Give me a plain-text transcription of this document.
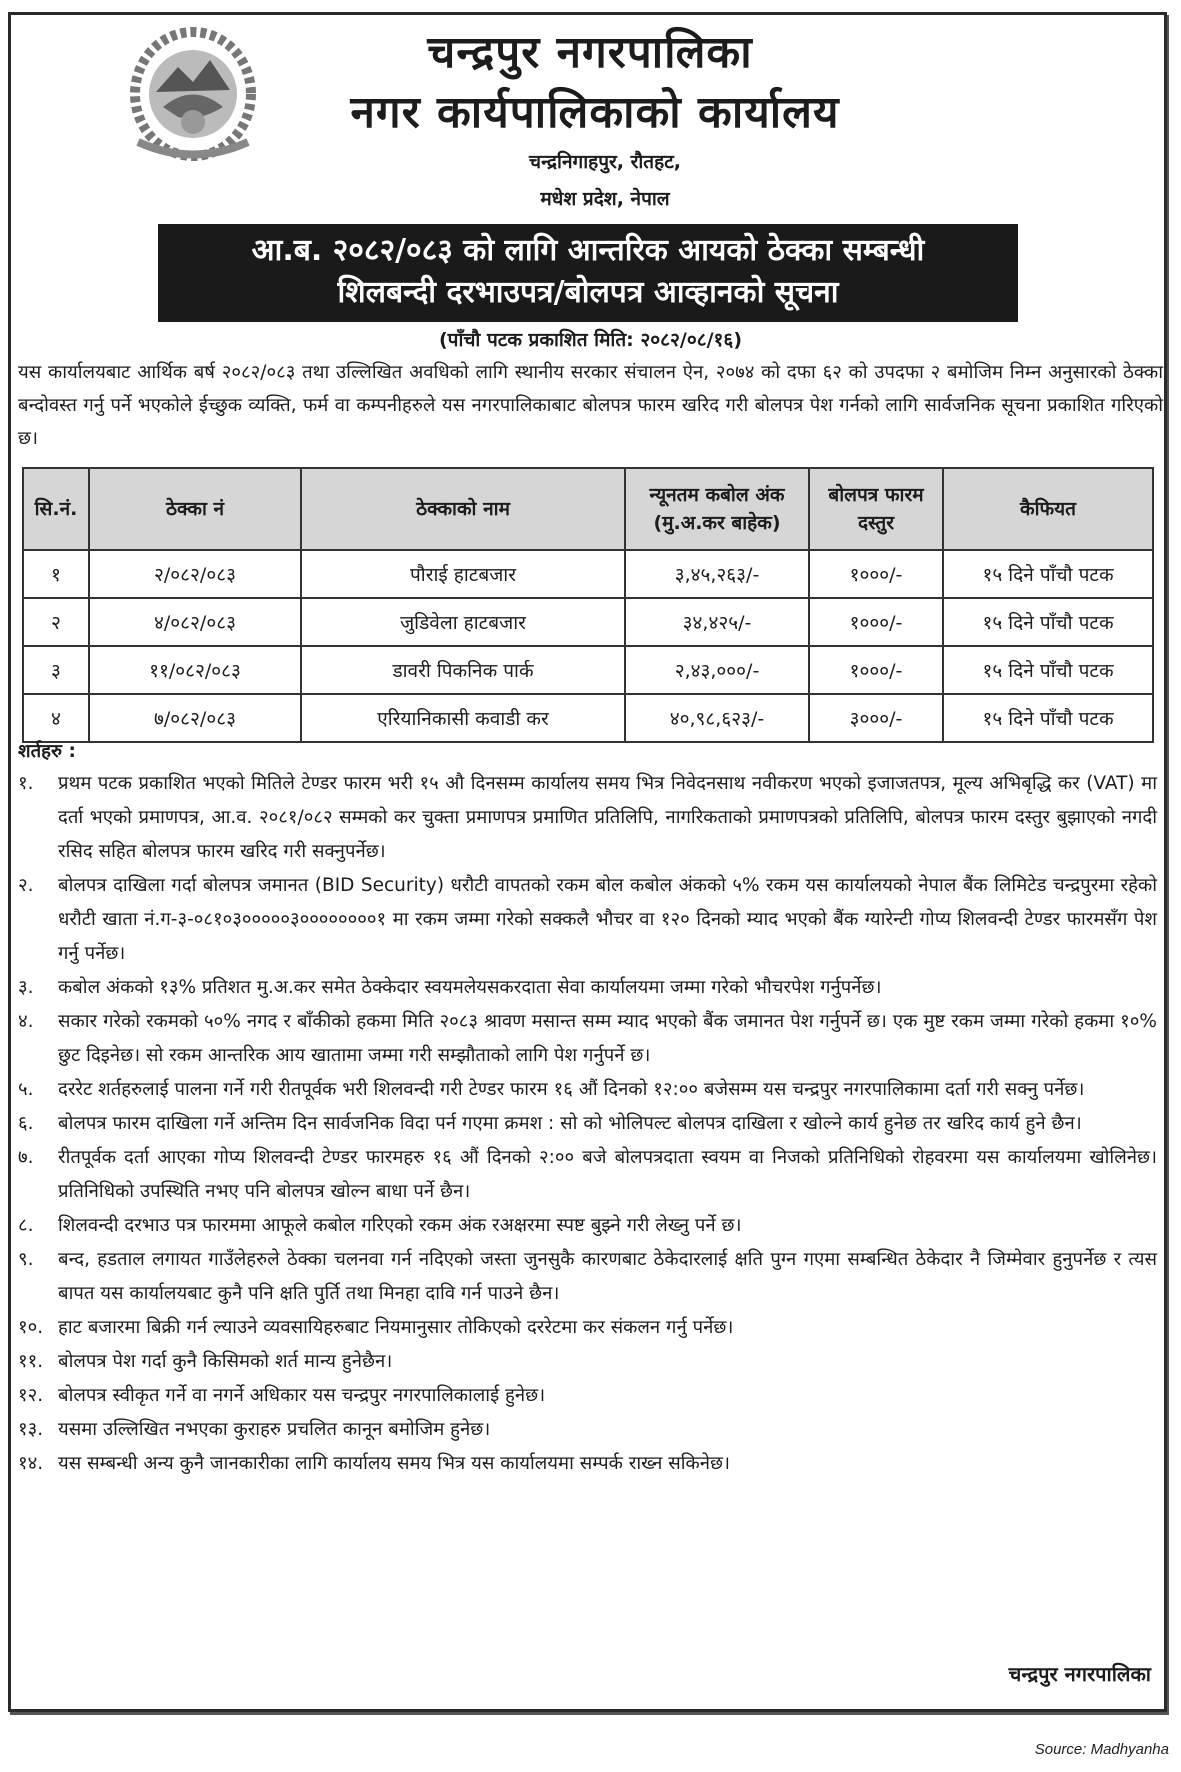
चन्द्रपुर नगरपालिका
नगर कार्यपालिकाको कार्यालय
चन्द्रनिगाहपुर, रौतहट,
मधेश प्रदेश, नेपाल
आ.ब. २०८२/०८३ को लागि आन्तरिक आयको ठेक्का सम्बन्धी
शिलबन्दी दरभाउपत्र/बोलपत्र आव्हानको सूचना
(पाँचौ पटक प्रकाशित मिति: २०८२/०८/१६)
यस कार्यालयबाट आर्थिक बर्ष २०८२/०८३ तथा उल्लिखित अवधिको लागि स्थानीय सरकार संचालन ऐन, २०७४ को दफा ६२ को उपदफा २ बमोजिम निम्न अनुसारको ठेक्का बन्दोवस्त गर्नु पर्ने भएकोले ईच्छुक व्यक्ति, फर्म वा कम्पनीहरुले यस नगरपालिकाबाट बोलपत्र फारम खरिद गरी बोलपत्र पेश गर्नको लागि सार्वजनिक सूचना प्रकाशित गरिएको छ।
सि.नं.	ठेक्का नं	ठेक्काको नाम	न्यूनतम कबोल अंक (मु.अ.कर बाहेक)	बोलपत्र फारम दस्तुर	कैफियत
१	२/०८२/०८३	पौराई हाटबजार	३,४५,२६३/-	१०००/-	१५ दिने पाँचौ पटक
२	४/०८२/०८३	जुडिवेला हाटबजार	३४,४२५/-	१०००/-	१५ दिने पाँचौ पटक
३	११/०८२/०८३	डावरी पिकनिक पार्क	२,४३,०००/-	१०००/-	१५ दिने पाँचौ पटक
४	७/०८२/०८३	एरियानिकासी कवाडी कर	४०,९८,६२३/-	३०००/-	१५ दिने पाँचौ पटक
शर्तहरु :
१.	प्रथम पटक प्रकाशित भएको मितिले टेण्डर फारम भरी १५ औ दिनसम्म कार्यालय समय भित्र निवेदनसाथ नवीकरण भएको इजाजतपत्र, मूल्य अभिबृद्धि कर (VAT) मा दर्ता भएको प्रमाणपत्र, आ.व. २०८१/०८२ सम्मको कर चुक्ता प्रमाणपत्र प्रमाणित प्रतिलिपि, नागरिकताको प्रमाणपत्रको प्रतिलिपि, बोलपत्र फारम दस्तुर बुझाएको नगदी रसिद सहित बोलपत्र फारम खरिद गरी सक्नुपर्नेछ।
२.	बोलपत्र दाखिला गर्दा बोलपत्र जमानत (BID Security) धरौटी वापतको रकम बोल कबोल अंकको ५% रकम यस कार्यालयको नेपाल बैंक लिमिटेड चन्द्रपुरमा रहेको धरौटी खाता नं.ग-३-०८१०३०००००३००००००००१ मा रकम जम्मा गरेको सक्कलै भौचर वा १२० दिनको म्याद भएको बैंक ग्यारेन्टी गोप्य शिलवन्दी टेण्डर फारमसँग पेश गर्नु पर्नेछ।
३.	कबोल अंकको १३% प्रतिशत मु.अ.कर समेत ठेक्केदार स्वयमलेयसकरदाता सेवा कार्यालयमा जम्मा गरेको भौचरपेश गर्नुपर्नेछ।
४.	सकार गरेको रकमको ५०% नगद र बाँकीको हकमा मिति २०८३ श्रावण मसान्त सम्म म्याद भएको बैंक जमानत पेश गर्नुपर्ने छ। एक मुष्ट रकम जम्मा गरेको हकमा १०% छुट दिइनेछ। सो रकम आन्तरिक आय खातामा जम्मा गरी सम्झौताको लागि पेश गर्नुपर्ने छ।
५.	दररेट शर्तहरुलाई पालना गर्ने गरी रीतपूर्वक भरी शिलवन्दी गरी टेण्डर फारम १६ औं दिनको १२:०० बजेसम्म यस चन्द्रपुर नगरपालिकामा दर्ता गरी सक्नु पर्नेछ।
६.	बोलपत्र फारम दाखिला गर्ने अन्तिम दिन सार्वजनिक विदा पर्न गएमा क्रमश : सो को भोलिपल्ट बोलपत्र दाखिला र खोल्ने कार्य हुनेछ तर खरिद कार्य हुने छैन।
७.	रीतपूर्वक दर्ता आएका गोप्य शिलवन्दी टेण्डर फारमहरु १६ औं दिनको २:०० बजे बोलपत्रदाता स्वयम वा निजको प्रतिनिधिको रोहवरमा यस कार्यालयमा खोलिनेछ। प्रतिनिधिको उपस्थिति नभए पनि बोलपत्र खोल्न बाधा पर्ने छैन।
८.	शिलवन्दी दरभाउ पत्र फारममा आफूले कबोल गरिएको रकम अंक रअक्षरमा स्पष्ट बुझ्ने गरी लेख्नु पर्ने छ।
९.	बन्द, हडताल लगायत गाउँलेहरुले ठेक्का चलनवा गर्न नदिएको जस्ता जुनसुकै कारणबाट ठेकेदारलाई क्षति पुग्न गएमा सम्बन्धित ठेकेदार नै जिम्मेवार हुनुपर्नेछ र त्यस बापत यस कार्यालयबाट कुनै पनि क्षति पुर्ति तथा मिनहा दावि गर्न पाउने छैन।
१०. हाट बजारमा बिक्री गर्न ल्याउने व्यवसायिहरुबाट नियमानुसार तोकिएको दररेटमा कर संकलन गर्नु पर्नेछ।
११. बोलपत्र पेश गर्दा कुनै किसिमको शर्त मान्य हुनेछैन।
१२. बोलपत्र स्वीकृत गर्ने वा नगर्ने अधिकार यस चन्द्रपुर नगरपालिकालाई हुनेछ।
१३. यसमा उल्लिखित नभएका कुराहरु प्रचलित कानून बमोजिम हुनेछ।
१४. यस सम्बन्धी अन्य कुनै जानकारीका लागि कार्यालय समय भित्र यस कार्यालयमा सम्पर्क राख्न सकिनेछ।
चन्द्रपुर नगरपालिका
Source: Madhyanha
